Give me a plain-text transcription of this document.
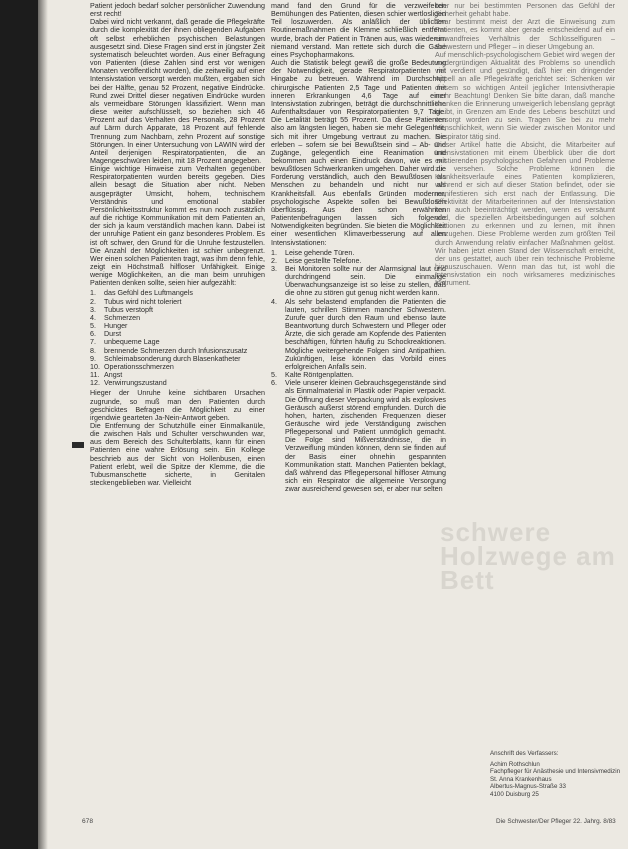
Patient jedoch bedarf solcher persönlicher Zuwendung erst recht!

Dabei wird nicht verkannt, daß gerade die Pflegekräfte durch die komplexität der ihnen obliegenden Aufgaben oft selbst erheblichen psychischen Belastungen ausgesetzt sind. Diese Fragen sind erst in jüngster Zeit systematisch beleuchtet worden. Aus einer Befragung von Patienten (diese Zahlen sind erst vor wenigen Monaten veröffentlicht worden), die zeitweilig auf einer Intensivstation versorgt werden mußten, ergaben sich bei der Hälfte, genau 52 Prozent, negative Eindrücke. Rund zwei Drittel dieser negativen Eindrücke wurden als vermeidbare Störungen klassifiziert. Wenn man diese weiter aufschlüsselt, so beziehen sich 46 Prozent auf das Verhalten des Personals, 28 Prozent auf Lärm durch Apparate, 18 Prozent auf fehlende Trennung zum Nachbarn, zehn Prozent auf sonstige Störungen. In einer Untersuchung von LAWIN wird der Anteil derjenigen Respiratorpatienten, die an Magengeschwüren leiden, mit 18 Prozent angegeben.

Einige wichtige Hinweise zum Verhalten gegenüber Respiratorpatienten wurden bereits gegeben. Dies allein besagt die Situation aber nicht. Neben ausgeprägter Umsicht, hohem, technischem Verständnis und emotional stabiler Persönlichkeitsstruktur kommt es nun noch zusätzlich auf die richtige Kommunikation mit dem Patienten an, der sich ja kaum verständlich machen kann. Dabei ist der unruhige Patient ein ganz besonderes Problem. Es ist oft schwer, den Grund für die Unruhe festzustellen. Die Anzahl der Möglichkeiten ist schier unbegrenzt. Wer einen solchen Patienten tragt, was ihm denn fehle, zeigt ein Höchstmaß hilfloser Unfähigkeit. Einige wenige Möglichkeiten, an die man beim unruhigen Patienten denken sollte, seien hier aufgezählt:

1.	das Gefühl des Luftmangels
2.	Tubus wird nicht toleriert
3.	Tubus verstopft
4.	Schmerzen
5.	Hunger
6.	Durst
7.	unbequeme Lage
8.	brennende Schmerzen durch Infusionszusatz
9.	Schleimabsonderung durch Blasenkatheter
10. Operationsschmerzen
11. Angst
12. Verwirrungszustand

Hieger der Unruhe keine sichtbaren Ursachen zugrunde, so muß man den Patienten durch geschicktes Befragen die Möglichkeit zu einer irgendwie gearteten Ja-Nein-Antwort geben.

Die Entfernung der Schutzhülle einer Einmalkanüle, die zwischen Hals und Schulter verschwunden war, aus dem Bereich des Schulterblatts, kann für einen Patienten eine wahre Erlösung sein. Ein Kollege beschrieb aus der Sicht von Hollenbusen, einen Patient erlebt, weil die Spitze der Klemme, die die Tubusmanschette sicherte, in Genitalen steckengeblieben war. Vielleicht

mand fand den Grund für die verzweifelten Bemühungen des Patienten, diesen schier wertlosligen Teil loszuwerden. Als anläßlich der üblichen Routinemaßnahmen die Klemme schließlich entfernt wurde, brach der Patient in Tränen aus, was wiederum niemand verstand. Man rettete sich durch die Gabe eines Psychopharmakons.

Auch die Statistik belegt gewiß die große Bedeutung der Notwendigkeit, gerade Respiratorpatienten mit Hingabe zu betreuen. Während im Durchschnitt chirurgische Patienten 2,5 Tage und Patienten mit inneren Erkrankungen 4,6 Tage auf einer Intensivstation zubringen, beträgt die durchschnittliche Aufenthaltsdauer von Respiratorpatienten 9,7 Tage. Die Letalität beträgt 55 Prozent. Da diese Patienten also am längsten liegen, haben sie mehr Gelegenheit, sich mit ihrer Umgebung vertraut zu machen. Sie erleben – sofern sie bei Bewußtsein sind – Ab- und Zugänge, gelegentlich eine Reanimation und bekommen auch einen Eindruck davon, wie es mit bewußtlosen Schwerkranken umgehen. Daher wird die Forderung verständlich, auch den Bewußtlosen als Menschen zu behandeln und nicht nur als Krankheitsfall. Aus ebenfalls Gründen moderner, psychologische Aspekte sollen bei Bewußtlosen überflüssig. Aus den schon erwähnten Patientenbefragungen lassen sich folgende Notwendigkeiten begründen. Sie bieten die Möglichkeit einer wesentlichen Klimaverbesserung auf allen Intensivstationen:

1.	Leise gehende Türen.
2.	Leise gestellte Telefone.
3.	Bei Monitoren sollte nur der Alarmsignal laut und durchdringend sein. Die einmalige Überwachungsanzeige ist so leise zu stellen, daß die ohne zu stören gut genug nicht werden kann.
4.	Als sehr belastend empfanden die Patienten die lauten, schrillen Stimmen mancher Schwestern. Zurufe quer durch den Raum und ebenso laute Beantwortung durch Schwestern und Pfleger oder Ärzte, die sich gerade am Kopfende des Patienten beschäftigen, führten häufig zu Schockreaktionen. Mögliche weitergehende Folgen sind Antipathien. Zukünftigen, leise können das Vorbild eines erfolgreichen Anfalls sein.
5.	Kalte Röntgenplatten.
6.	Viele unserer kleinen Gebrauchsgegenstände sind als Einmalmaterial in Plastik oder Papier verpackt. Die Öffnung dieser Verpackung wird als explosives Geräusch außerst störend empfunden. Durch die hohen, harten, zischenden Frequenzen dieser Geräusche wird jede Verständigung zwischen Pflegepersonal und Patient unmöglich gemacht. Die Folge sind Mißverständnisse, die in Verzweiflung münden können, denn sie finden auf der Basis einer ohnehin gespannten Kommunikation statt. Manchen Patienten beklagt, daß während das Pflegepersonal hilfloser Atmung sich ein Respirator die allgemeine Versorgung zwar ausreichend gewesen sei, er aber nur selten

oder nur bei bestimmten Personen das Gefühl der Sicherheit gehabt habe.

Zwar bestimmt meist der Arzt die Einweisung zum Patienten, es kommt aber gerade entscheidend auf ein einwandfreies Verhältnis der Schlüsselfiguren – Schwestern und Pfleger – in dieser Umgebung an.

Auf menschlich-psychologischem Gebiet wird wegen der vordergründigen Aktualität des Problems so unendlich viel verdient und gesündigt, daß hier ein dringender Appell an alle Pflegekräfte gerichtet sei: Schenken wir diesem so wichtigen Anteil jeglicher Intensivtherapie mehr Beachtung! Denken Sie bitte daran, daß manche Kranken die Erinnerung unweigerlich lebenslang geprägt bleibt, in Grenzen am Ende des Lebens beschützt und versorgt worden zu sein. Tragen Sie bei zu mehr Menschlichkeit, wenn Sie wieder zwischen Monitor und Respirator tätig sind.

Dieser Artikel hatte die Absicht, die Mitarbeiter auf Intensivstationen mit einem Überblick über die dort existierenden psychologischen Gefahren und Probleme zu versehen. Solche Probleme können die Krankheitsverlaufe eines Patienten komplizieren, während er sich auf dieser Station befindet, oder sie manifestieren sich erst nach der Entlassung. Die Effektivität der Mitarbeiterinnen auf der Intensivstation kann auch beeinträchtigt werden, wenn es versäumt wird, die speziellen Arbeitsbedingungen auf solchen Stationen zu erkennen und zu lernen, mit ihnen umzugehen. Diese Probleme werden zum größten Teil durch Anwendung relativ einfacher Maßnahmen gelöst. Wir haben jetzt einen Stand der Wissenschaft erreicht, der uns gestattet, auch über rein technische Probleme hinauszuschauen. Wenn man das tut, ist wohl die Intensivstation ein noch wirksameres medizinisches Instrument.

schwere Holzwege am Bett
Anschrift des Verfassers:
Achim Rothschlun
Fachpfleger für Anästhesie und Intensivmedizin
St. Anna Krankenhaus
Albertus-Magnus-Straße 33
4100 Duisburg 25
678	Die Schwester/Der Pfleger 22. Jahrg. 8/83
